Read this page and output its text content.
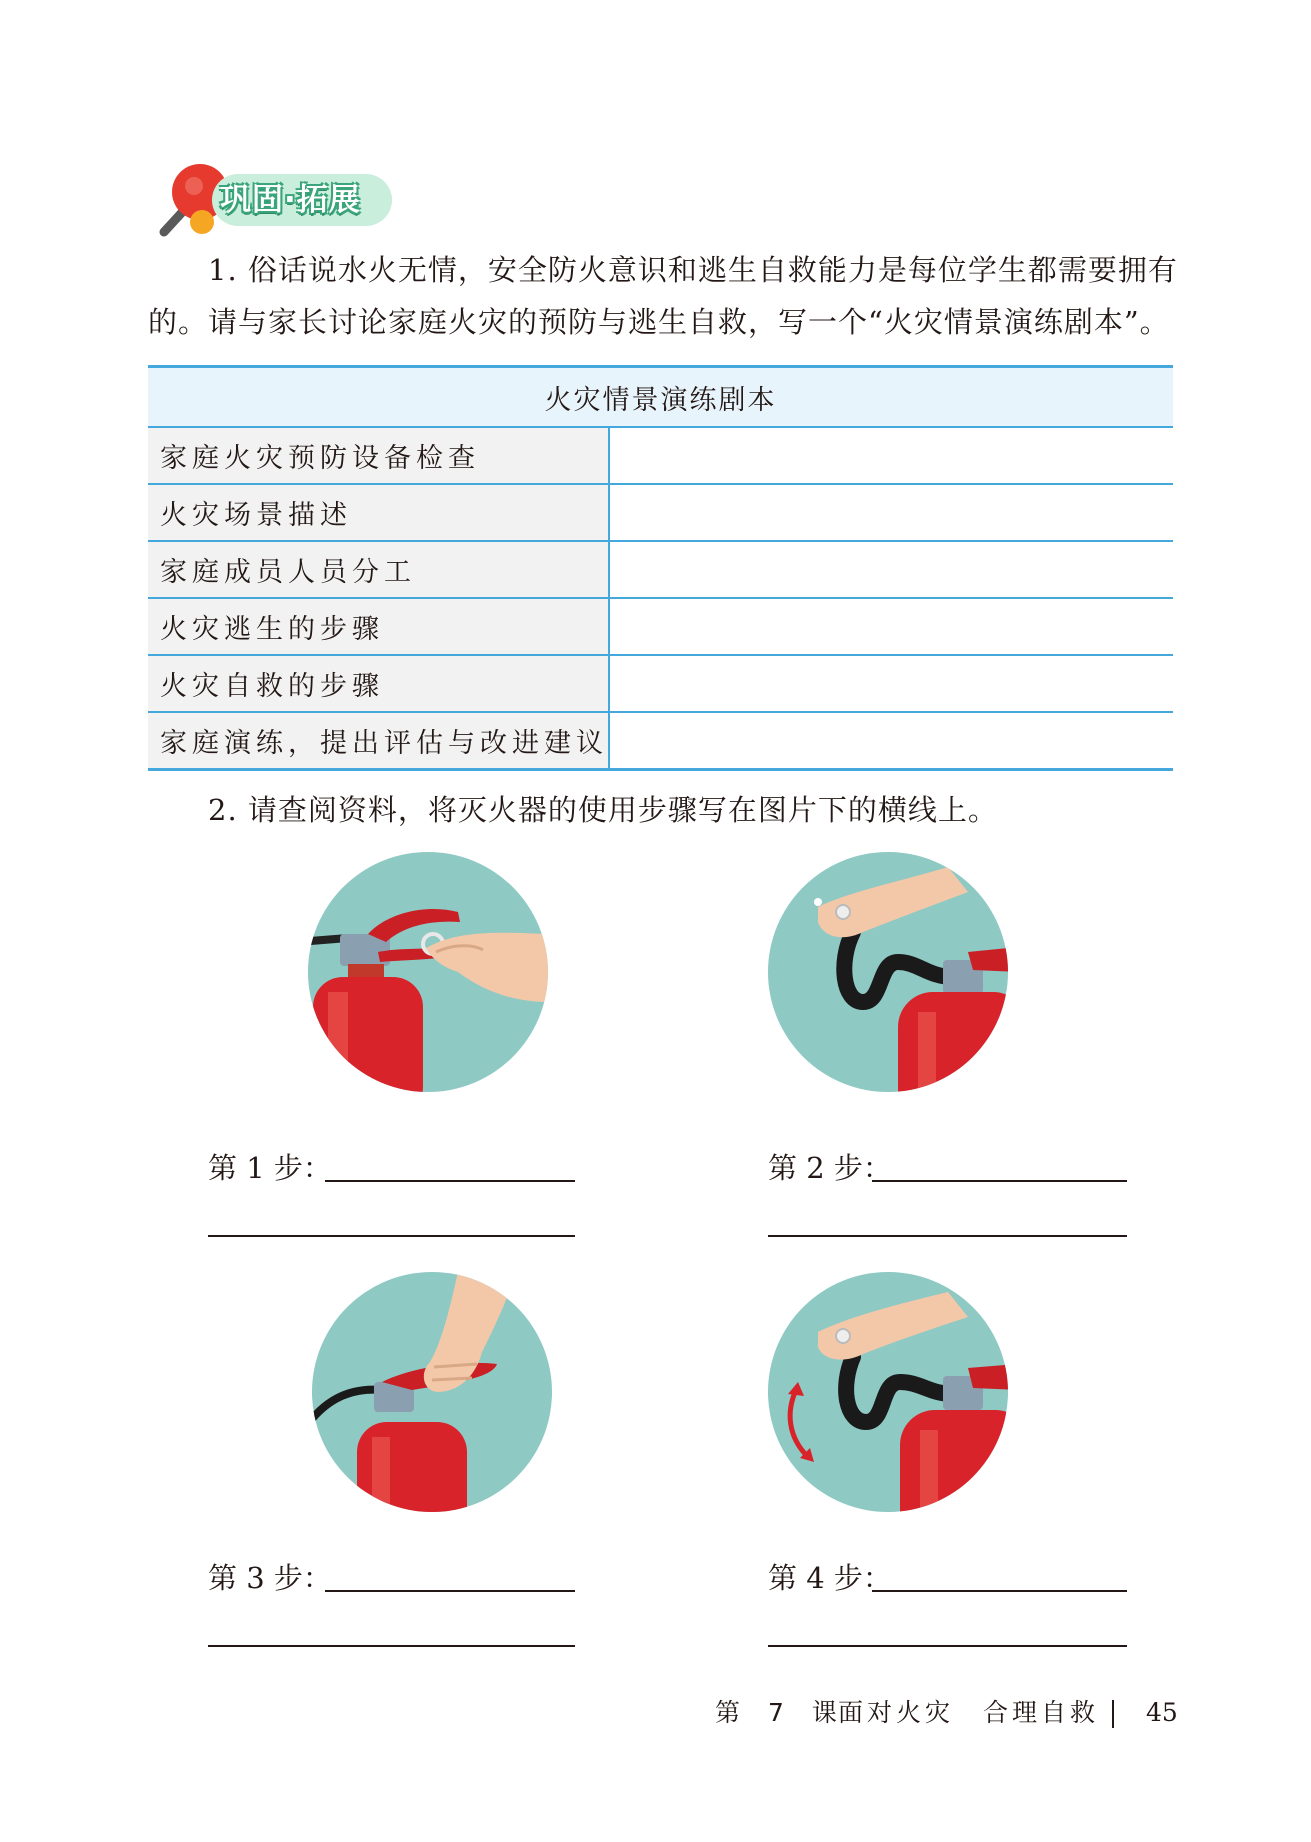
巩固·拓展
1. 俗话说水火无情，安全防火意识和逃生自救能力是每位学生都需要拥有
的。请与家长讨论家庭火灾的预防与逃生自救，写一个“火灾情景演练剧本”。
火灾情景演练剧本	
家庭火灾预防设备检查	
火灾场景描述	
家庭成员人员分工	
火灾逃生的步骤	
火灾自救的步骤	
家庭演练，提出评估与改进建议	
2. 请查阅资料，将灭火器的使用步骤写在图片下的横线上。
第 1 步：	第 2 步：
第 3 步：	第 4 步：
第 7 课
面对火灾　合理自救 45
